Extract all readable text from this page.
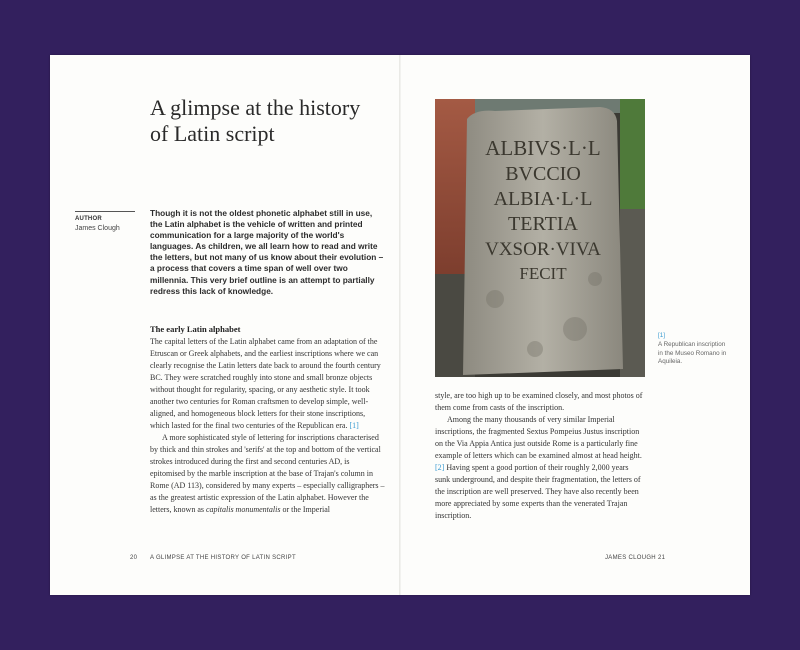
A glimpse at the history
of Latin script
AUTHOR
James Clough

Though it is not the oldest phonetic alphabet still in use, the Latin alphabet is the vehicle of written and printed communication for a large majority of the world's languages. As children, we all learn how to read and write the letters, but not many of us know about their evolution – a process that covers a time span of well over two millennia. This very brief outline is an attempt to partially redress this lack of knowledge.

The early Latin alphabet

The capital letters of the Latin alphabet came from an adaptation of the Etruscan or Greek alphabets, and the earliest inscriptions where we can clearly recognise the Latin letters date back to around the fourth century BC. They were scratched roughly into stone and small bronze objects without thought for regularity, spacing, or any aesthetic style. It took another two centuries for Roman craftsmen to develop simple, well-aligned, and homogeneous block letters for their stone inscriptions, which lasted for the final two centuries of the Republican era. [1]

A more sophisticated style of lettering for inscriptions characterised by thick and thin strokes and 'serifs' at the top and bottom of the vertical strokes introduced during the first and second centuries AD, is epitomised by the marble inscription at the base of Trajan's column in Rome (AD 113), considered by many experts – especially calligraphers – as the greatest artistic expression of the Latin alphabet. However the letters, known as capitalis monumentalis or the Imperial

ALBIVS·L·L
BVCCIO
ALBIA·L·L
TERTIA
VXSOR·VIVA
FECIT
[1]
A Republican inscription in the Museo Romano in Aquileia.

style, are too high up to be examined closely, and most photos of them come from casts of the inscription.

Among the many thousands of very similar Imperial inscriptions, the fragmented Sextus Pompeius Justus inscription on the Via Appia Antica just outside Rome is a particularly fine example of letters which can be examined almost at head height. [2] Having spent a good portion of their roughly 2,000 years sunk underground, and despite their fragmentation, the letters of the inscription are well preserved. They have also recently been more appreciated by some experts than the venerated Trajan inscription.

20 A GLIMPSE AT THE HISTORY OF LATIN SCRIPT	JAMES CLOUGH 21
